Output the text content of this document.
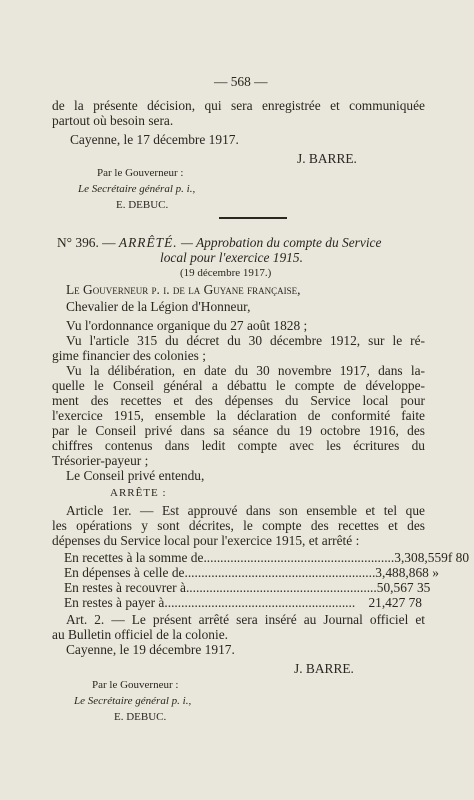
— 568 —
de la présente décision, qui sera enregistrée et communiquée
partout où besoin sera.
Cayenne, le 17 décembre 1917.
J. BARRE.
Par le Gouverneur :
Le Secrétaire général p. i.,
E. DEBUC.
N° 396. — ARRÊTÉ. — Approbation du compte du Service
local pour l'exercice 1915.
(19 décembre 1917.)
Le Gouverneur p. i. de la Guyane française,
Chevalier de la Légion d'Honneur,
Vu l'ordonnance organique du 27 août 1828 ;
Vu l'article 315 du décret du 30 décembre 1912, sur le ré-
gime financier des colonies ;
Vu la délibération, en date du 30 novembre 1917, dans la-
quelle le Conseil général a débattu le compte de développe-
ment des recettes et des dépenses du Service local pour
l'exercice 1915, ensemble la déclaration de conformité faite
par le Conseil privé dans sa séance du 19 octobre 1916, des
chiffres contenus dans ledit compte avec les écritures du
Trésorier-payeur ;
Le Conseil privé entendu,
ARRÊTE :
Article 1er. — Est approuvé dans son ensemble et tel que
les opérations y sont décrites, le compte des recettes et des
dépenses du Service local pour l'exercice 1915, et arrêté :
En recettes à la somme de ......................................................... 3,308,559f 80
En dépenses à celle de ......................................................... 3,488,868 »
En restes à recouvrer à ......................................................... 50,567 35
En restes à payer à ......................................................... 21,427 78
Art. 2. — Le présent arrêté sera inséré au Journal officiel et
au Bulletin officiel de la colonie.
Cayenne, le 19 décembre 1917.
J. BARRE.
Par le Gouverneur :
Le Secrétaire général p. i.,
E. DEBUC.
